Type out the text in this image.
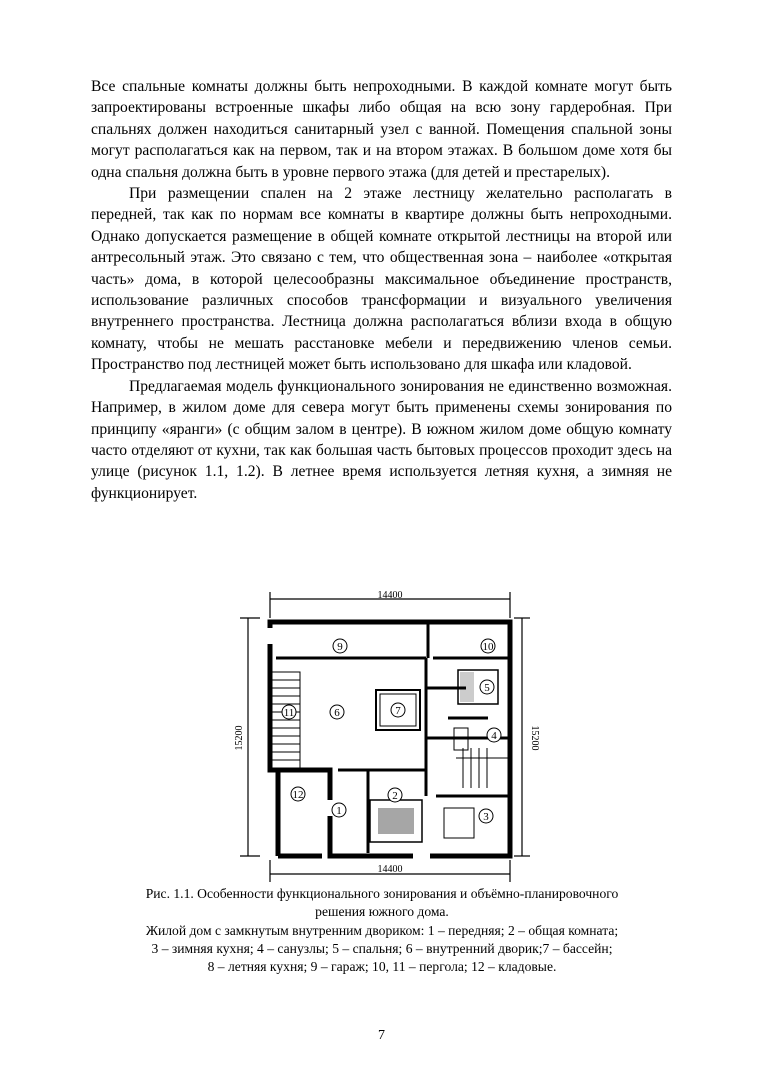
Все спальные комнаты должны быть непроходными. В каждой комнате могут быть запроектированы встроенные шкафы либо общая на всю зону гардеробная. При спальнях должен находиться санитарный узел с ванной. Помещения спальной зоны могут располагаться как на первом, так и на втором этажах. В большом доме хотя бы одна спальня должна быть в уровне первого этажа (для детей и престарелых).

При размещении спален на 2 этаже лестницу желательно располагать в передней, так как по нормам все комнаты в квартире должны быть непроходными. Однако допускается размещение в общей комнате открытой лестницы на второй или антресольный этаж. Это связано с тем, что общественная зона – наиболее «открытая часть» дома, в которой целесообразны максимальное объединение пространств, использование различных способов трансформации и визуального увеличения внутреннего пространства. Лестница должна располагаться вблизи входа в общую комнату, чтобы не мешать расстановке мебели и передвижению членов семьи. Пространство под лестницей может быть использовано для шкафа или кладовой.

Предлагаемая модель функционального зонирования не единственно возможная. Например, в жилом доме для севера могут быть применены схемы зонирования по принципу «яранги» (с общим залом в центре). В южном жилом доме общую комнату часто отделяют от кухни, так как большая часть бытовых процессов проходит здесь на улице (рисунок 1.1, 1.2). В летнее время используется летняя кухня, а зимняя не функционирует.

1
2
3
4
5
6	7
9	10
11
12
14400
14400
15200	15200
Рис. 1.1. Особенности функционального зонирования и объёмно-планировочного
решения южного дома.
Жилой дом с замкнутым внутренним двориком: 1 – передняя; 2 – общая комната;
3 – зимняя кухня; 4 – санузлы; 5 – спальня; 6 – внутренний дворик;7 – бассейн;
8 – летняя кухня; 9 – гараж; 10, 11 – пергола; 12 – кладовые.
7
